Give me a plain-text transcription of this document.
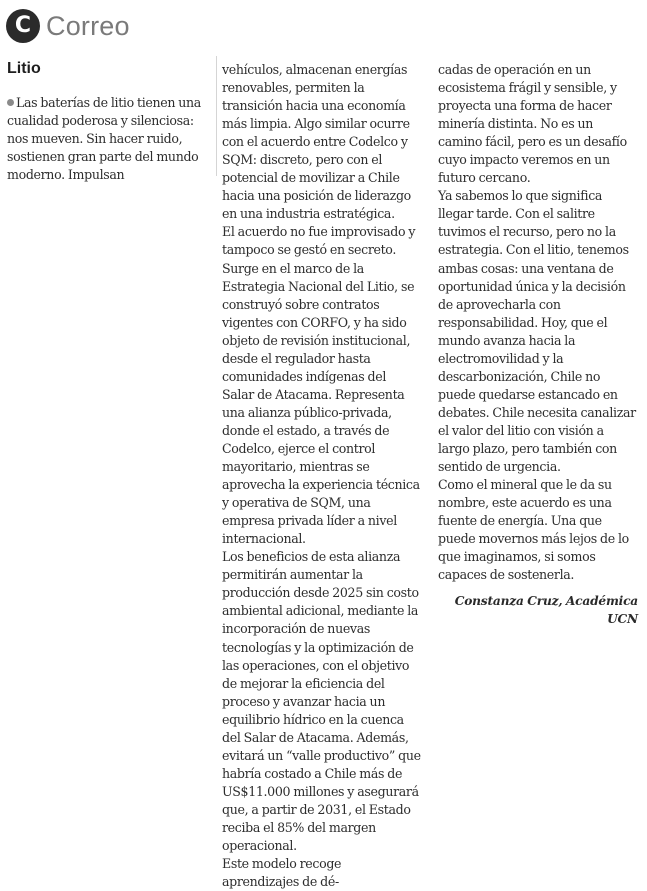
C Correo
Litio

Las baterías de litio tienen una cualidad poderosa y silenciosa: nos mueven. Sin hacer ruido, sostienen gran parte del mundo moderno. Impulsan

vehículos, almacenan energías renovables, permiten la transición hacia una economía más limpia. Algo similar ocurre con el acuerdo entre Codelco y SQM: discreto, pero con el potencial de movilizar a Chile hacia una posición de liderazgo en una industria estratégica.

El acuerdo no fue improvisado y tampoco se gestó en secreto. Surge en el marco de la Estrategia Nacional del Litio, se construyó sobre contratos vigentes con CORFO, y ha sido objeto de revisión institucional, desde el regulador hasta comunidades indígenas del Salar de Atacama. Representa una alianza público-privada, donde el estado, a través de Codelco, ejerce el control mayoritario, mientras se aprovecha la experiencia técnica y operativa de SQM, una empresa privada líder a nivel internacional.

Los beneficios de esta alianza permitirán aumentar la producción desde 2025 sin costo ambiental adicional, mediante la incorporación de nuevas tecnologías y la optimización de las operaciones, con el objetivo de mejorar la eficiencia del proceso y avanzar hacia un equilibrio hídrico en la cuenca del Salar de Atacama. Además, evitará un “valle productivo” que habría costado a Chile más de US$11.000 millones y asegurará que, a partir de 2031, el Estado reciba el 85% del margen operacional.

Este modelo recoge aprendizajes de dé-

cadas de operación en un ecosistema frágil y sensible, y proyecta una forma de hacer minería distinta. No es un camino fácil, pero es un desafío cuyo impacto veremos en un futuro cercano.

Ya sabemos lo que significa llegar tarde. Con el salitre tuvimos el recurso, pero no la estrategia. Con el litio, tenemos ambas cosas: una ventana de oportunidad única y la decisión de aprovecharla con responsabilidad. Hoy, que el mundo avanza hacia la electromovilidad y la descarbonización, Chile no puede quedarse estancado en debates. Chile necesita canalizar el valor del litio con visión a largo plazo, pero también con sentido de urgencia.

Como el mineral que le da su nombre, este acuerdo es una fuente de energía. Una que puede movernos más lejos de lo que imaginamos, si somos capaces de sostenerla.

Constanza Cruz, Académica UCN
